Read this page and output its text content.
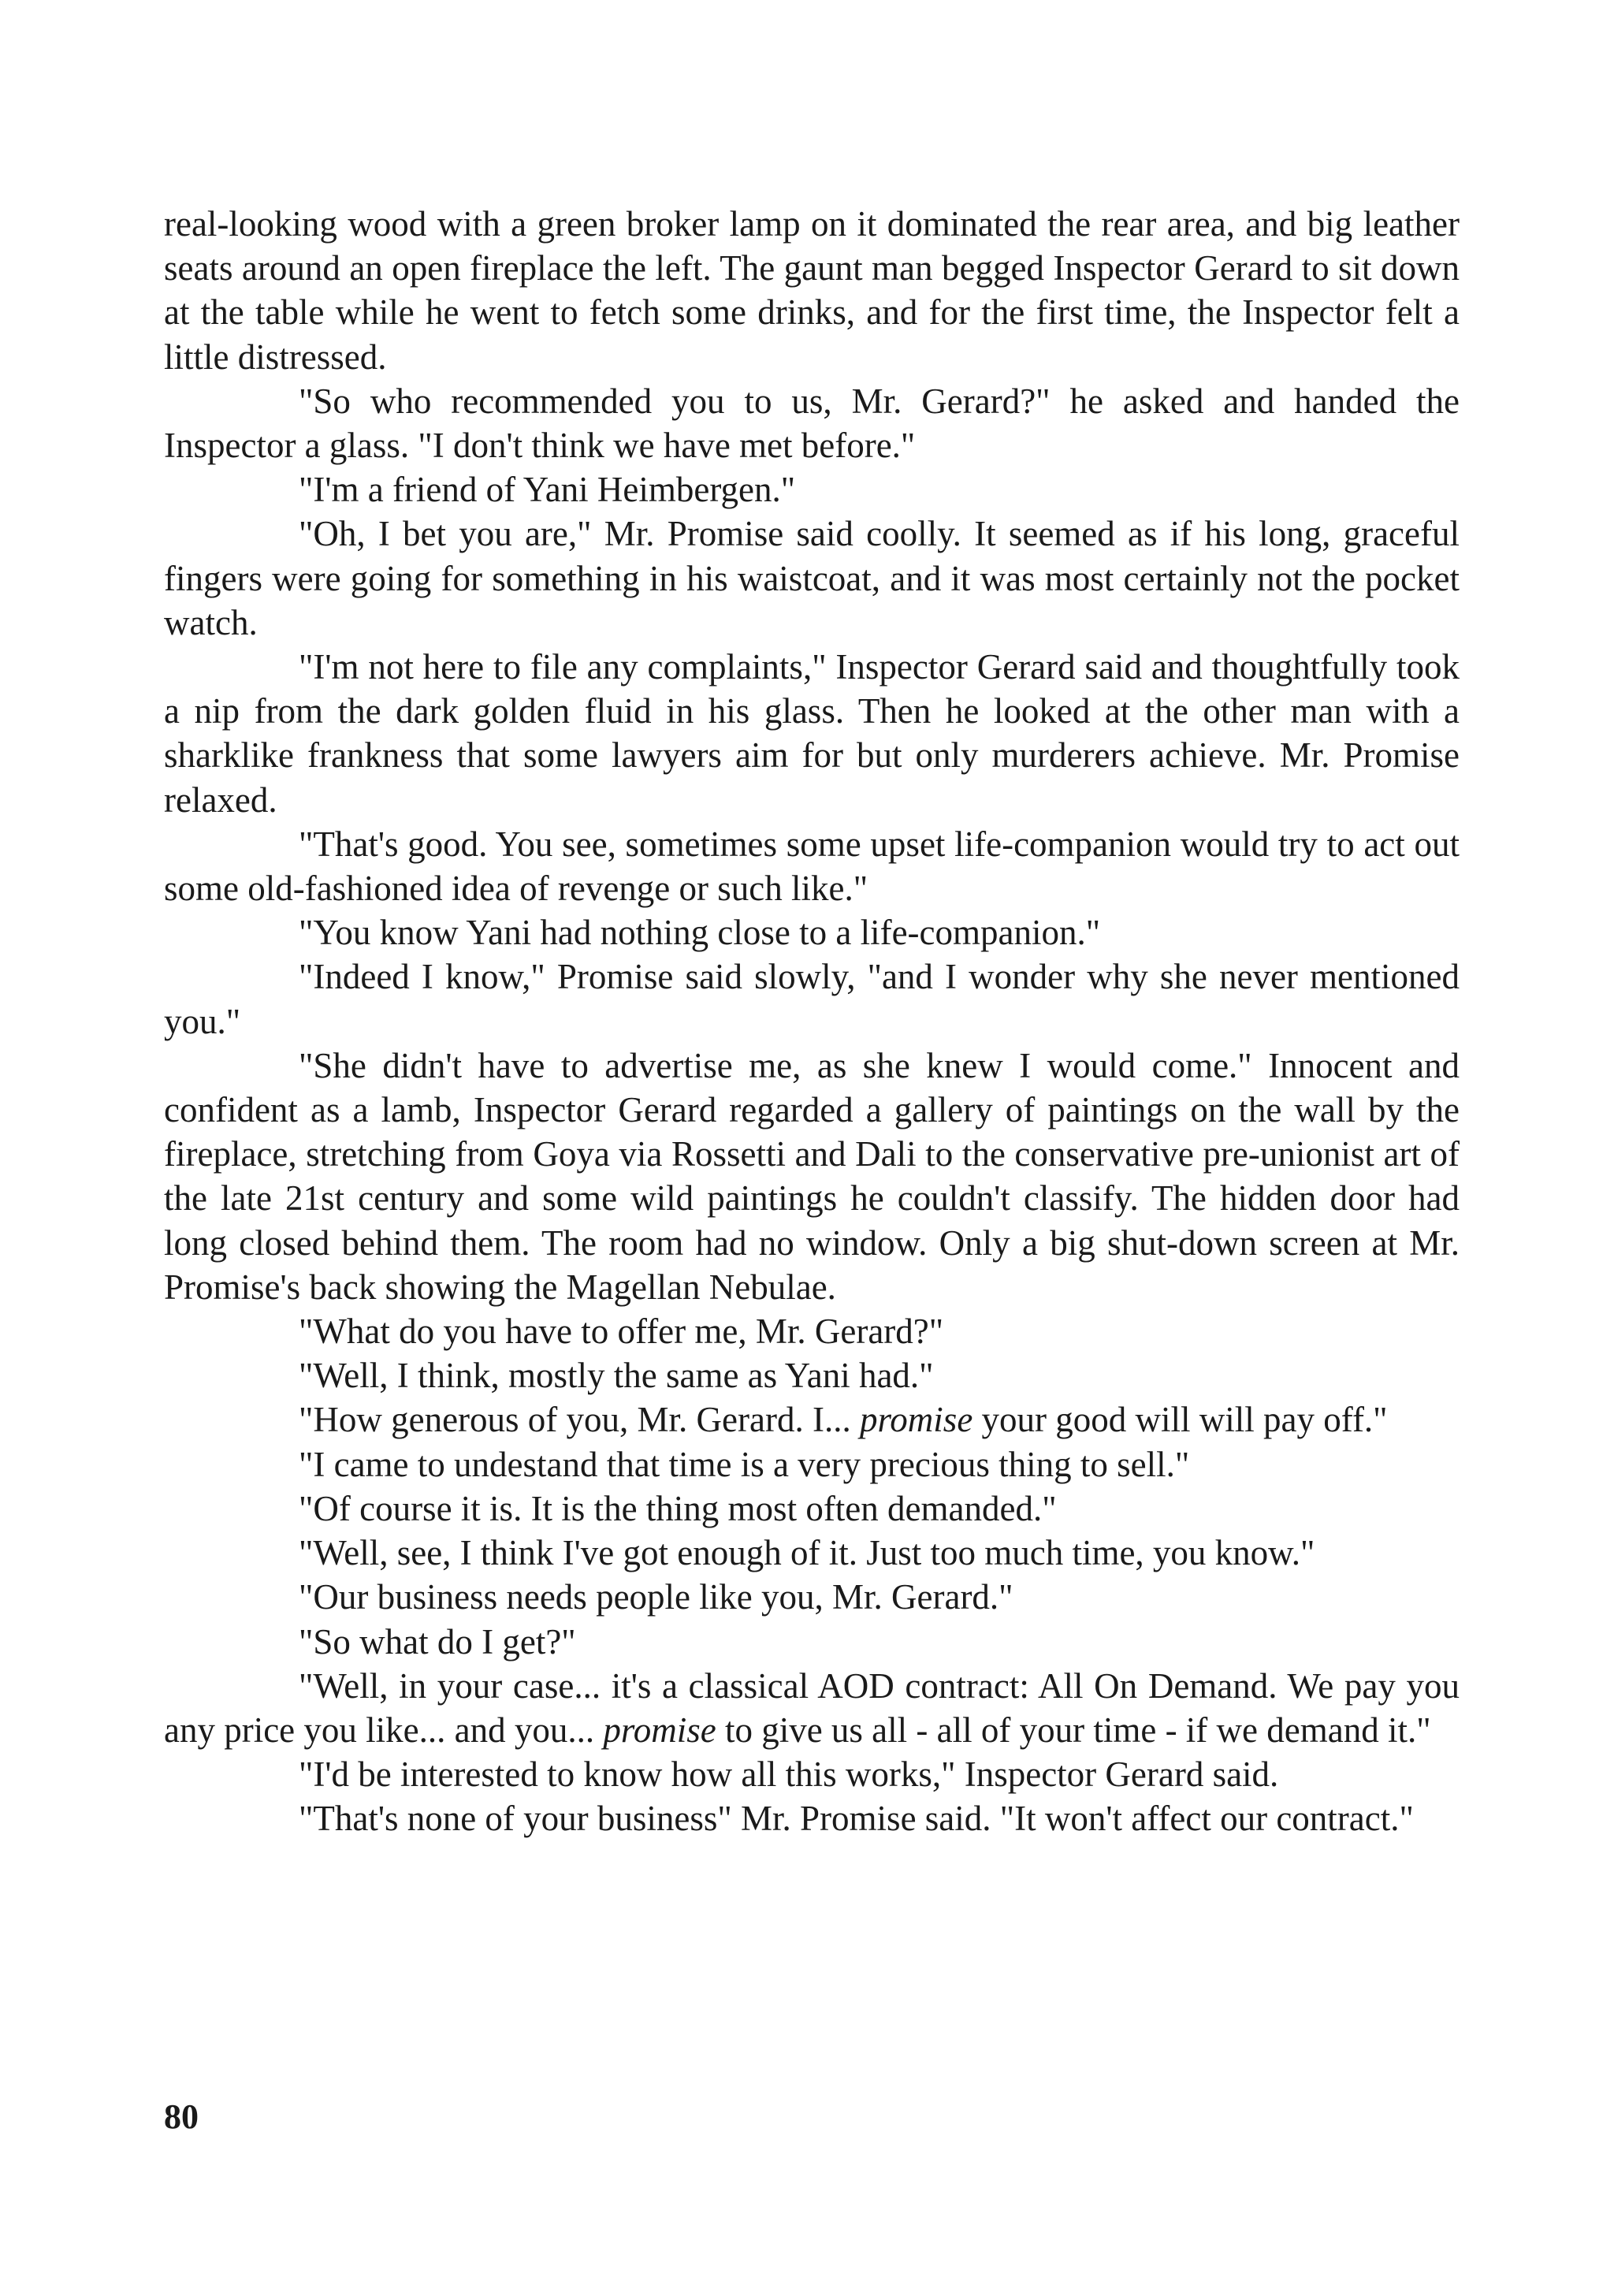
real-looking wood with a green broker lamp on it dominated the rear area, and big leather seats around an open fireplace the left. The gaunt man begged Inspector Gerard to sit down at the table while he went to fetch some drinks, and for the first time, the Inspector felt a little distressed.

"So who recommended you to us, Mr. Gerard?" he asked and handed the Inspector a glass. "I don't think we have met before."

"I'm a friend of Yani Heimbergen."

"Oh, I bet you are," Mr. Promise said coolly. It seemed as if his long, graceful fingers were going for something in his waistcoat, and it was most certainly not the pocket watch.

"I'm not here to file any complaints," Inspector Gerard said and thoughtfully took a nip from the dark golden fluid in his glass. Then he looked at the other man with a sharklike frankness that some lawyers aim for but only murderers achieve. Mr. Promise relaxed.

"That's good. You see, sometimes some upset life-companion would try to act out some old-fashioned idea of revenge or such like."

"You know Yani had nothing close to a life-companion."

"Indeed I know," Promise said slowly, "and I wonder why she never mentioned you."

"She didn't have to advertise me, as she knew I would come." Innocent and confident as a lamb, Inspector Gerard regarded a gallery of paintings on the wall by the fireplace, stretching from Goya via Rossetti and Dali to the conservative pre-unionist art of the late 21st century and some wild paintings he couldn't classify. The hidden door had long closed behind them. The room had no window. Only a big shut-down screen at Mr. Promise's back showing the Magellan Nebulae.

"What do you have to offer me, Mr. Gerard?"

"Well, I think, mostly the same as Yani had."

"How generous of you, Mr. Gerard. I... promise your good will will pay off."

"I came to undestand that time is a very precious thing to sell."

"Of course it is. It is the thing most often demanded."

"Well, see, I think I've got enough of it. Just too much time, you know."

"Our business needs people like you, Mr. Gerard."

"So what do I get?"

"Well, in your case... it's a classical AOD contract: All On Demand. We pay you any price you like... and you... promise to give us all - all of your time - if we demand it."

"I'd be interested to know how all this works," Inspector Gerard said.

"That's none of your business" Mr. Promise said. "It won't affect our contract."

80
